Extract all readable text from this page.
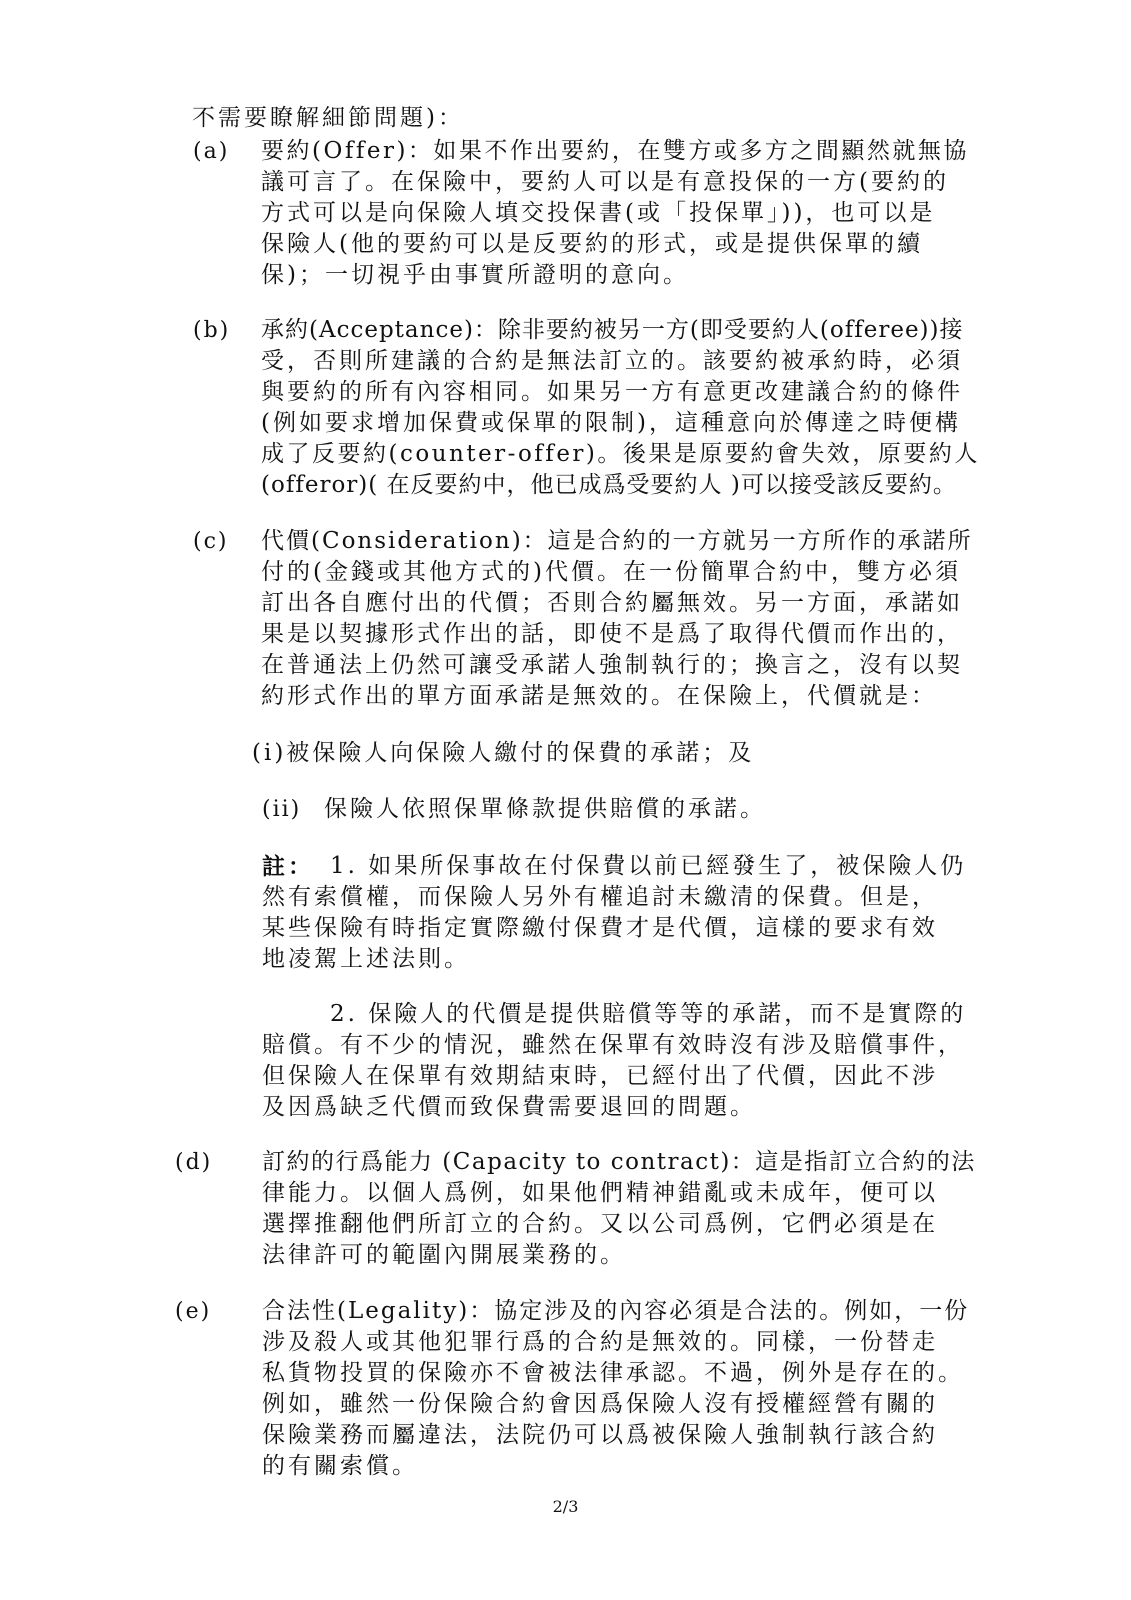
不需要瞭解細節問題)：
(a) 要約(Offer)：如果不作出要約，在雙方或多方之間顯然就無協
議可言了。在保險中，要約人可以是有意投保的一方(要約的
方式可以是向保險人填交投保書(或「投保單」))，也可以是
保險人(他的要約可以是反要約的形式，或是提供保單的續
保)；一切視乎由事實所證明的意向。
(b) 承約(Acceptance)：除非要約被另一方(即受要約人(offeree))接
受，否則所建議的合約是無法訂立的。該要約被承約時，必須
與要約的所有內容相同。如果另一方有意更改建議合約的條件
(例如要求增加保費或保單的限制)，這種意向於傳達之時便構
成了反要約(counter-offer)。後果是原要約會失效，原要約人
(offeror)( 在反要約中，他已成爲受要約人 )可以接受該反要約。
(c) 代價(Consideration)：這是合約的一方就另一方所作的承諾所
付的(金錢或其他方式的)代價。在一份簡單合約中，雙方必須
訂出各自應付出的代價；否則合約屬無效。另一方面，承諾如
果是以契據形式作出的話，即使不是爲了取得代價而作出的，
在普通法上仍然可讓受承諾人強制執行的；換言之，沒有以契
約形式作出的單方面承諾是無效的。在保險上，代價就是：
(i)被保險人向保險人繳付的保費的承諾；及
(ii) 保險人依照保單條款提供賠償的承諾。
註： 1. 如果所保事故在付保費以前已經發生了，被保險人仍
然有索償權，而保險人另外有權追討未繳清的保費。但是，
某些保險有時指定實際繳付保費才是代價，這樣的要求有效
地凌駕上述法則。
2. 保險人的代價是提供賠償等等的承諾，而不是實際的
賠償。有不少的情況，雖然在保單有效時沒有涉及賠償事件，
但保險人在保單有效期結束時，已經付出了代價，因此不涉
及因爲缺乏代價而致保費需要退回的問題。
(d) 訂約的行爲能力 (Capacity to contract)：這是指訂立合約的法
律能力。以個人爲例，如果他們精神錯亂或未成年，便可以
選擇推翻他們所訂立的合約。又以公司爲例，它們必須是在
法律許可的範圍內開展業務的。
(e) 合法性(Legality)：協定涉及的內容必須是合法的。例如，一份
涉及殺人或其他犯罪行爲的合約是無效的。同樣，一份替走
私貨物投買的保險亦不會被法律承認。不過，例外是存在的。
例如，雖然一份保險合約會因爲保險人沒有授權經營有關的
保險業務而屬違法，法院仍可以爲被保險人強制執行該合約
的有關索償。
2/3
